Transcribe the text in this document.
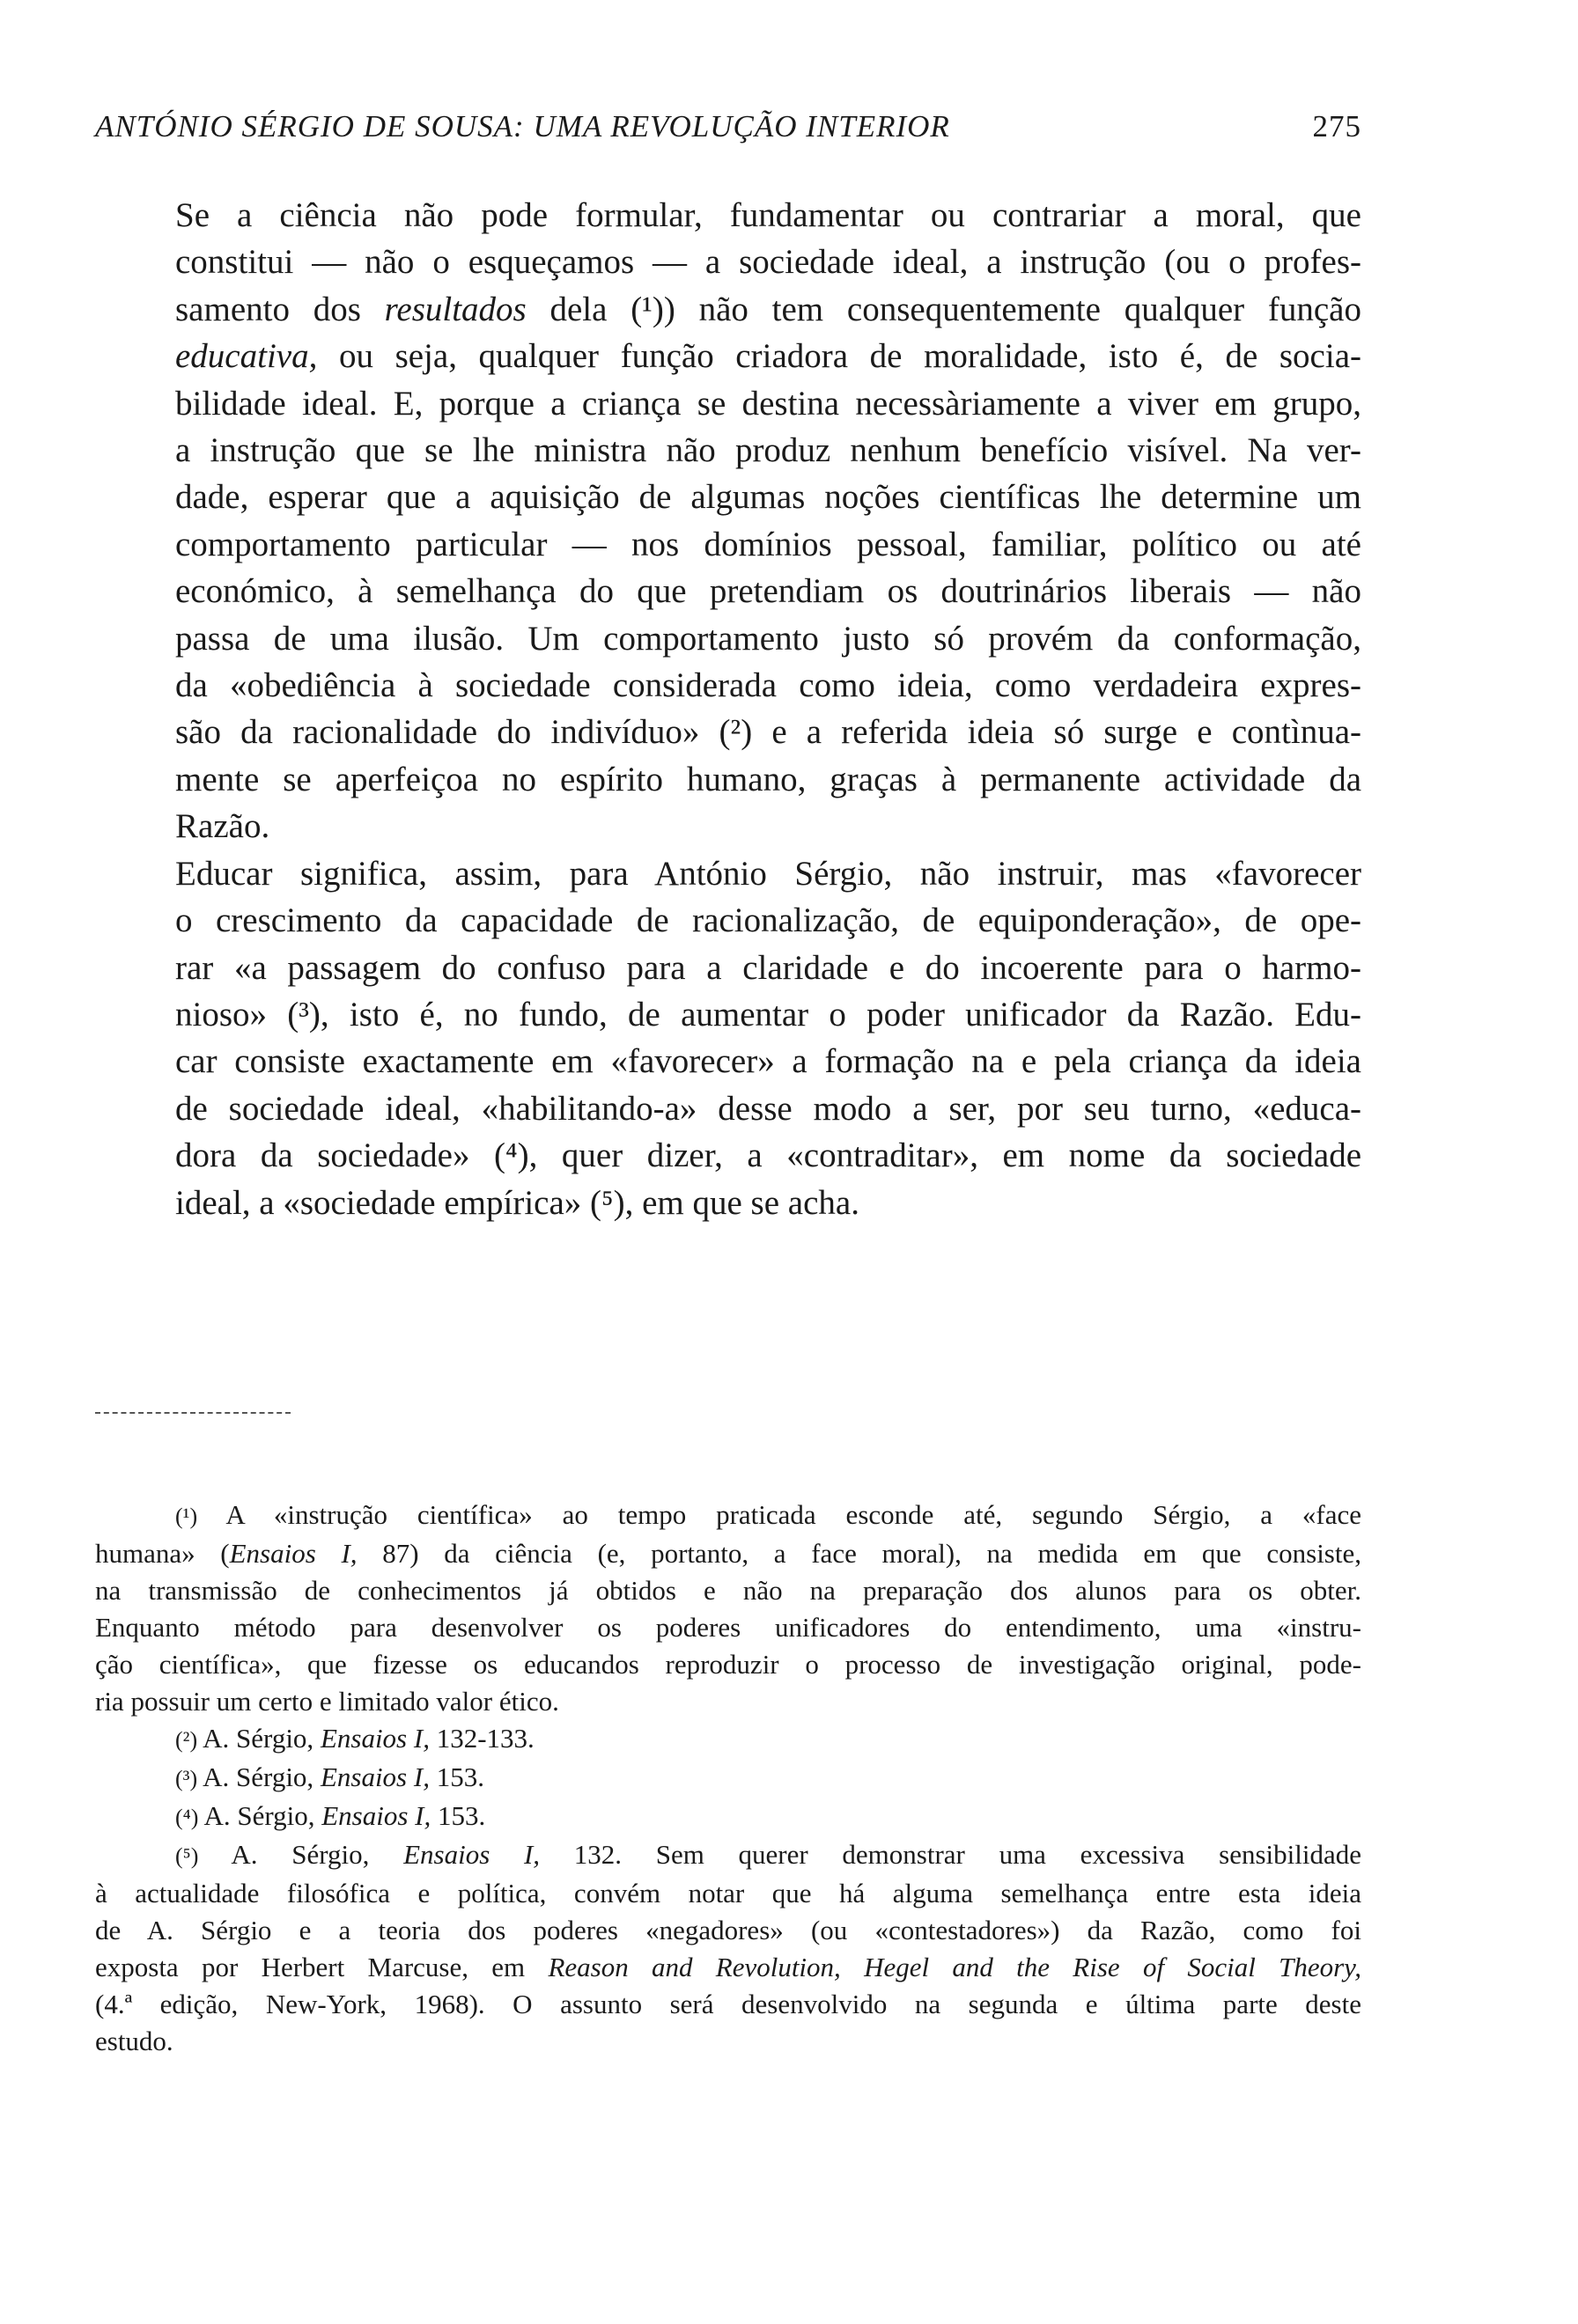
ANTÓNIO SÉRGIO DE SOUSA: UMA REVOLUÇÃO INTERIOR	275

Se a ciência não pode formular, fundamentar ou contrariar a moral, que
constitui — não o esqueçamos — a sociedade ideal, a instrução (ou o profes-
samento dos resultados dela (¹)) não tem consequentemente qualquer função
educativa, ou seja, qualquer função criadora de moralidade, isto é, de socia-
bilidade ideal. E, porque a criança se destina necessàriamente a viver em grupo,
a instrução que se lhe ministra não produz nenhum benefício visível. Na ver-
dade, esperar que a aquisição de algumas noções científicas lhe determine um
comportamento particular — nos domínios pessoal, familiar, político ou até
económico, à semelhança do que pretendiam os doutrinários liberais — não
passa de uma ilusão. Um comportamento justo só provém da conformação,
da «obediência à sociedade considerada como ideia, como verdadeira expres-
são da racionalidade do indivíduo» (²) e a referida ideia só surge e contìnua-
mente se aperfeiçoa no espírito humano, graças à permanente actividade da
Razão.

Educar significa, assim, para António Sérgio, não instruir, mas «favorecer
o crescimento da capacidade de racionalização, de equiponderação», de ope-
rar «a passagem do confuso para a claridade e do incoerente para o harmo-
nioso» (³), isto é, no fundo, de aumentar o poder unificador da Razão. Edu-
car consiste exactamente em «favorecer» a formação na e pela criança da ideia
de sociedade ideal, «habilitando-a» desse modo a ser, por seu turno, «educa-
dora da sociedade» (⁴), quer dizer, a «contraditar», em nome da sociedade
ideal, a «sociedade empírica» (⁵), em que se acha.

(¹) A «instrução científica» ao tempo praticada esconde até, segundo Sérgio, a «face
humana» (Ensaios I, 87) da ciência (e, portanto, a face moral), na medida em que consiste,
na transmissão de conhecimentos já obtidos e não na preparação dos alunos para os obter.
Enquanto método para desenvolver os poderes unificadores do entendimento, uma «instru-
ção científica», que fizesse os educandos reproduzir o processo de investigação original, pode-
ria possuir um certo e limitado valor ético.
(²) A. Sérgio, Ensaios I, 132-133.
(³) A. Sérgio, Ensaios I, 153.
(⁴) A. Sérgio, Ensaios I, 153.
(⁵) A. Sérgio, Ensaios I, 132. Sem querer demonstrar uma excessiva sensibilidade
à actualidade filosófica e política, convém notar que há alguma semelhança entre esta ideia
de A. Sérgio e a teoria dos poderes «negadores» (ou «contestadores») da Razão, como foi
exposta por Herbert Marcuse, em Reason and Revolution, Hegel and the Rise of Social Theory,
(4.ª edição, New-York, 1968). O assunto será desenvolvido na segunda e última parte deste
estudo.
